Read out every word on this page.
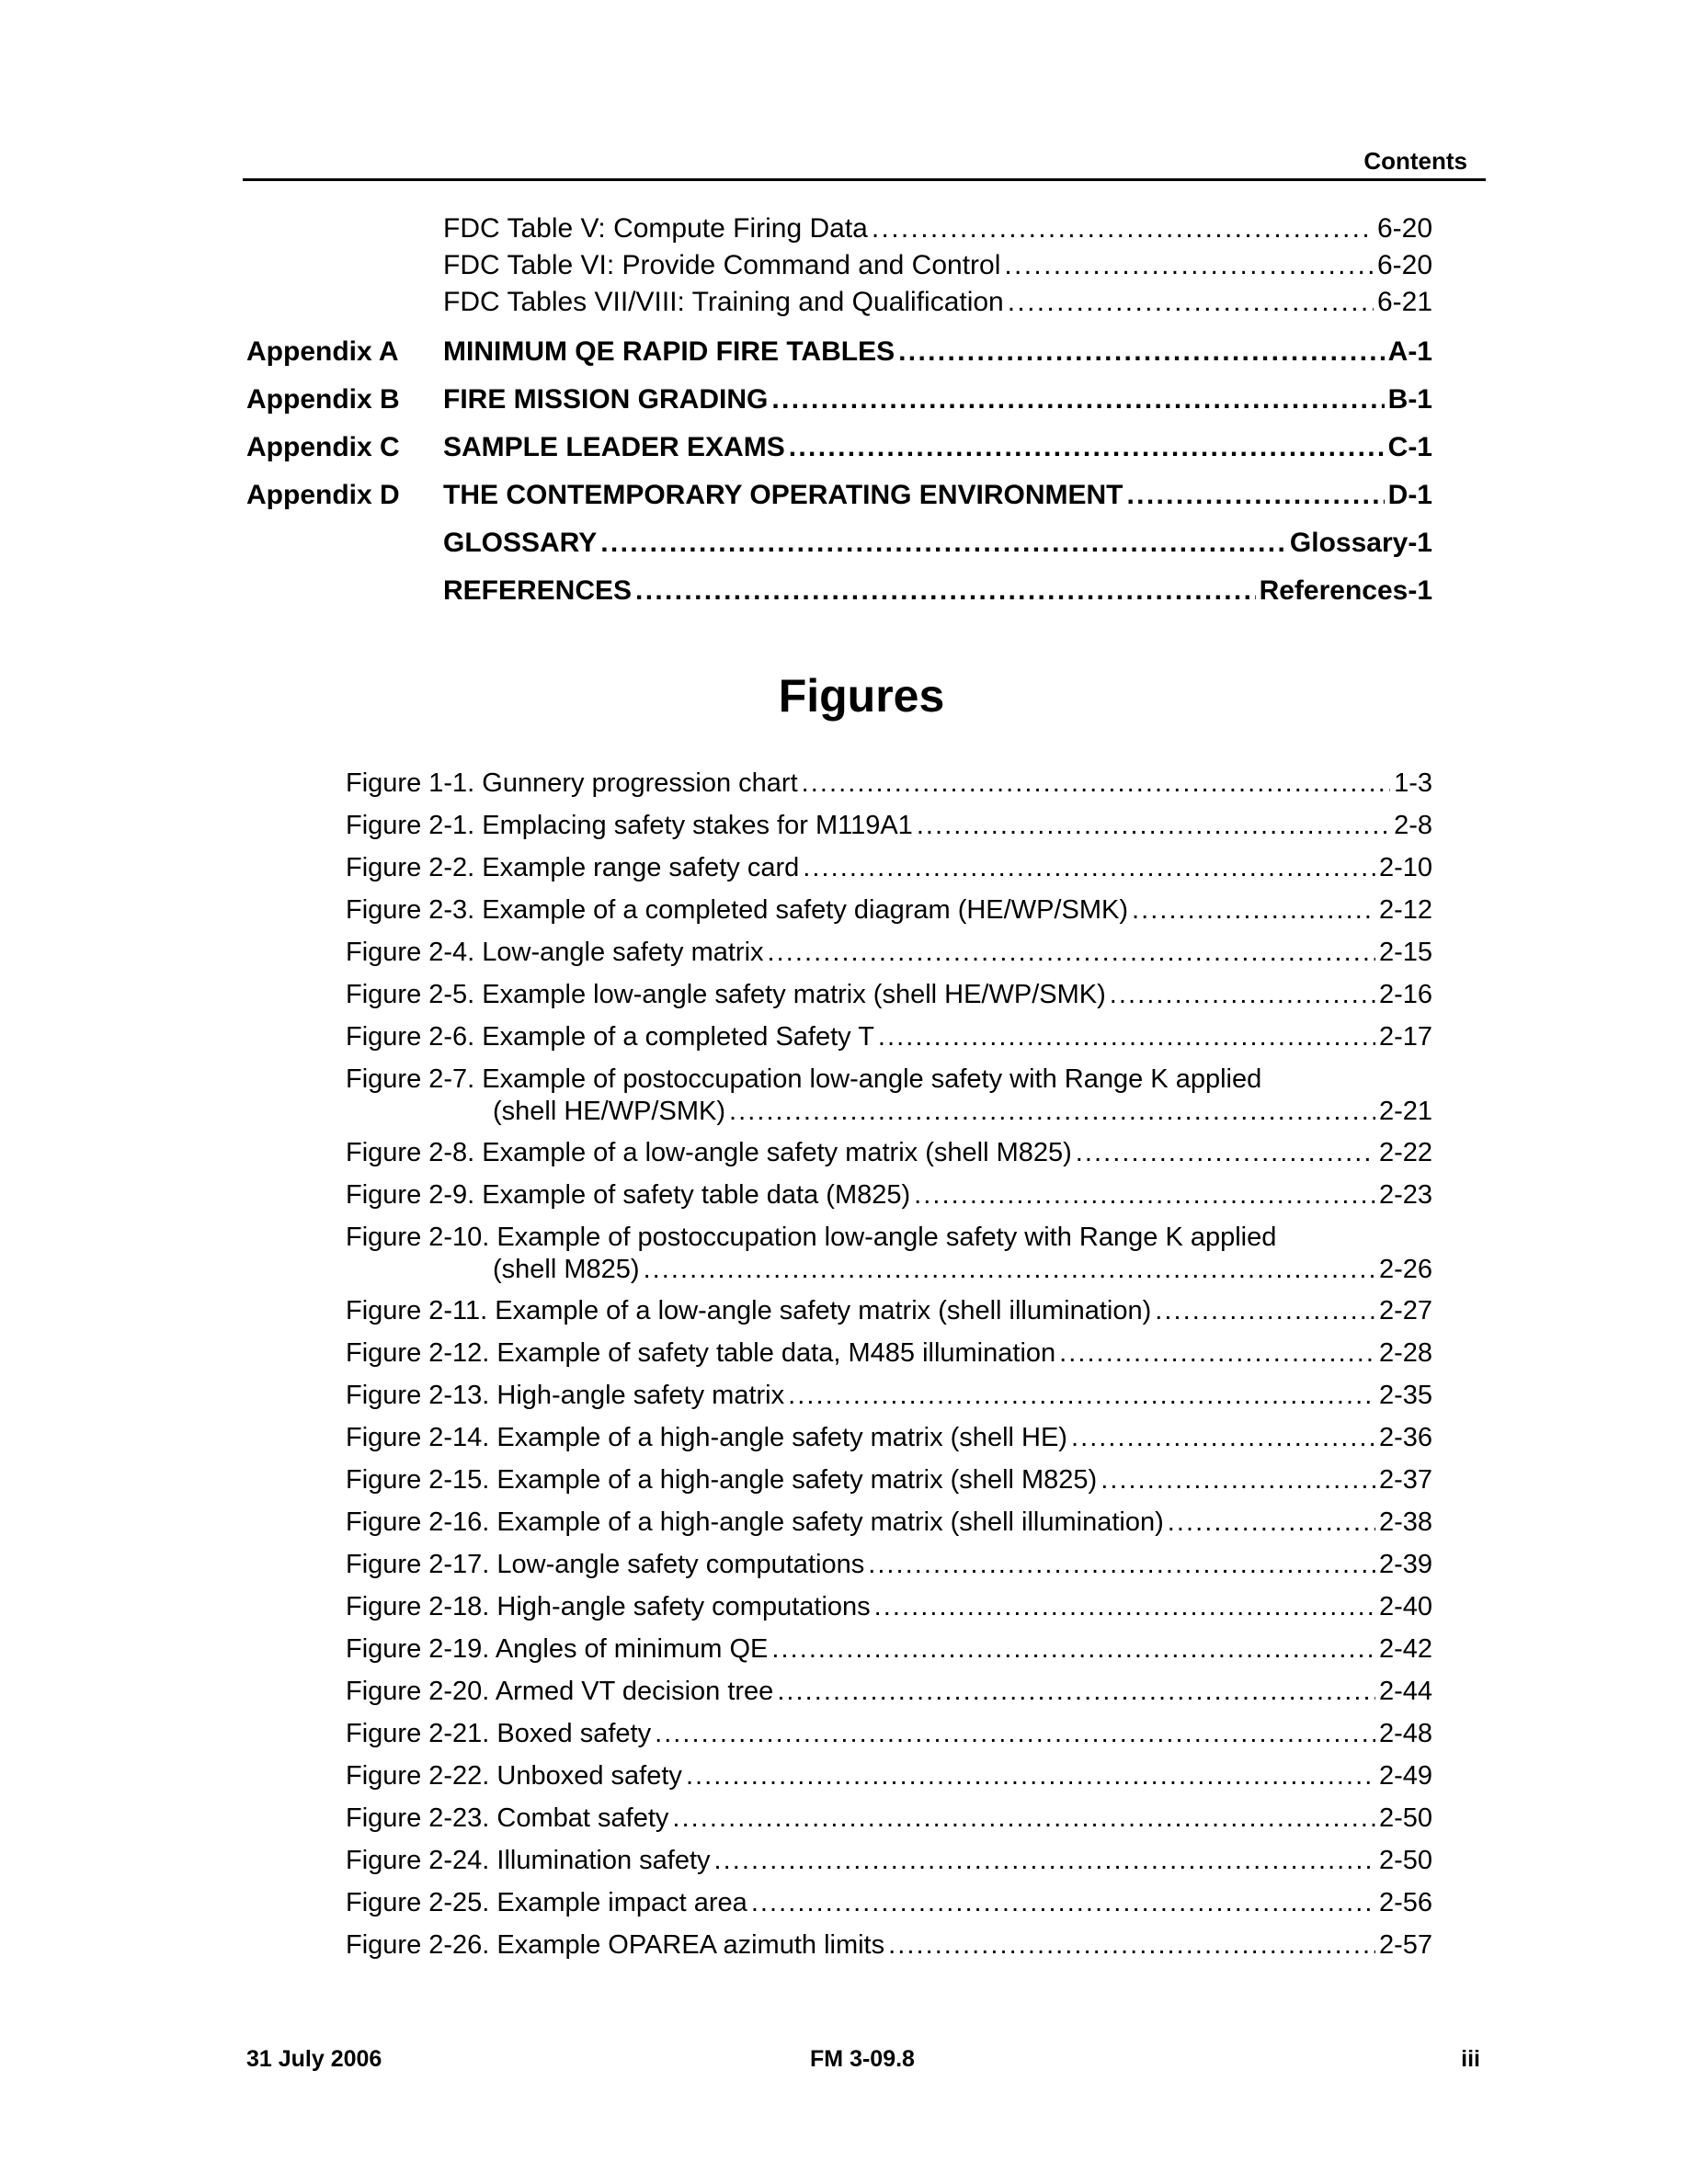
Contents
FDC Table V: Compute Firing Data . . .	6-20
FDC Table VI: Provide Command and Control . . .	6-20
FDC Tables VII/VIII: Training and Qualification . . .	6-21
Appendix A MINIMUM QE RAPID FIRE TABLES . . .	A-1
Appendix B FIRE MISSION GRADING . . .	B-1
Appendix C SAMPLE LEADER EXAMS . . .	C-1
Appendix D THE CONTEMPORARY OPERATING ENVIRONMENT . . .	D-1
GLOSSARY . . .	Glossary-1
REFERENCES . . .	References-1
Figures
Figure 1-1. Gunnery progression chart . . .	1-3
Figure 2-1. Emplacing safety stakes for M119A1 . . .	2-8
Figure 2-2. Example range safety card . . .	2-10
Figure 2-3. Example of a completed safety diagram (HE/WP/SMK) . . .	2-12
Figure 2-4. Low-angle safety matrix . . .	2-15
Figure 2-5. Example low-angle safety matrix (shell HE/WP/SMK) . . .	2-16
Figure 2-6. Example of a completed Safety T . . .	2-17
Figure 2-7. Example of postoccupation low-angle safety with Range K applied
(shell HE/WP/SMK) . . .	2-21
Figure 2-8. Example of a low-angle safety matrix (shell M825) . . .	2-22
Figure 2-9. Example of safety table data (M825) . . .	2-23
Figure 2-10. Example of postoccupation low-angle safety with Range K applied
(shell M825) . . .	2-26
Figure 2-11. Example of a low-angle safety matrix (shell illumination) . . .	2-27
Figure 2-12. Example of safety table data, M485 illumination . . .	2-28
Figure 2-13. High-angle safety matrix . . .	2-35
Figure 2-14. Example of a high-angle safety matrix (shell HE) . . .	2-36
Figure 2-15. Example of a high-angle safety matrix (shell M825) . . .	2-37
Figure 2-16. Example of a high-angle safety matrix (shell illumination) . . .	2-38
Figure 2-17. Low-angle safety computations . . .	2-39
Figure 2-18. High-angle safety computations . . .	2-40
Figure 2-19. Angles of minimum QE . . .	2-42
Figure 2-20. Armed VT decision tree . . .	2-44
Figure 2-21. Boxed safety . . .	2-48
Figure 2-22. Unboxed safety . . .	2-49
Figure 2-23. Combat safety . . .	2-50
Figure 2-24. Illumination safety . . .	2-50
Figure 2-25. Example impact area . . .	2-56
Figure 2-26. Example OPAREA azimuth limits . . .	2-57
31 July 2006	FM 3-09.8	iii
